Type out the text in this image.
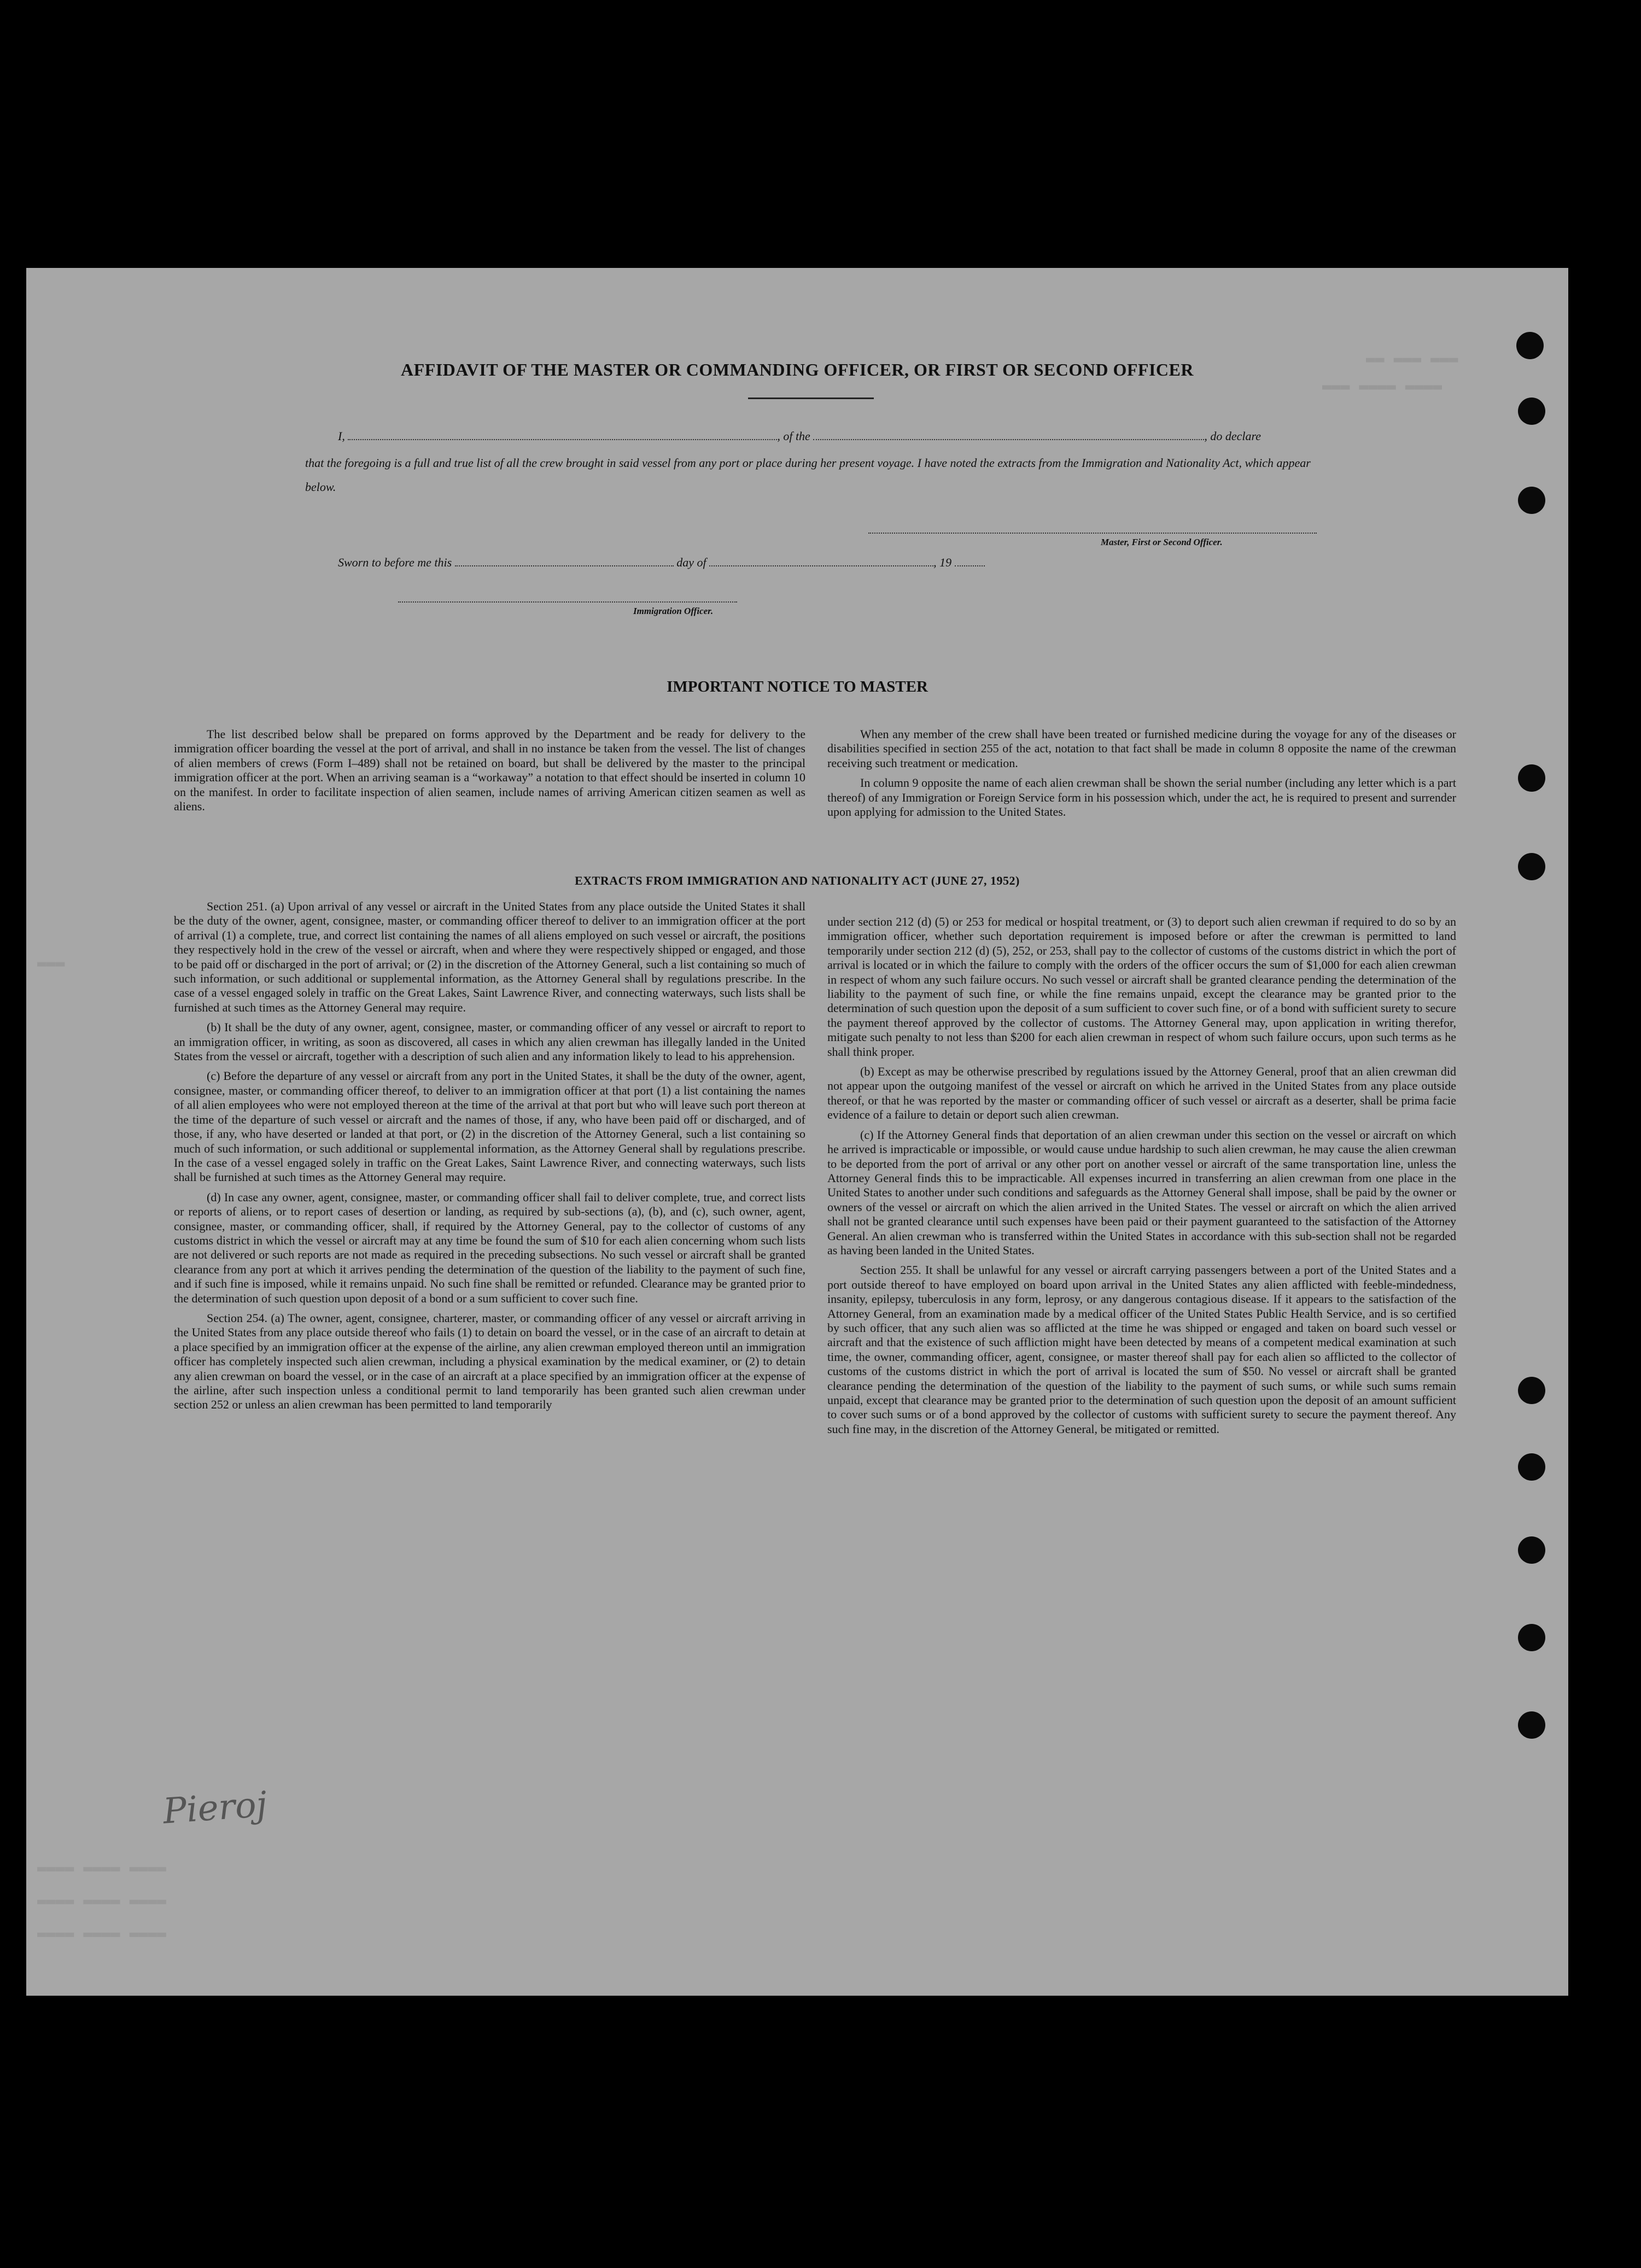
▬▬ ▬▬▬ ▬▬▬
▬▬▬ ▬▬▬▬ ▬▬▬▬
▬▬▬
▬▬▬▬ ▬▬▬▬ ▬▬▬▬
▬▬▬▬ ▬▬▬▬ ▬▬▬▬
▬▬▬▬ ▬▬▬▬ ▬▬▬▬
AFFIDAVIT OF THE MASTER OR COMMANDING OFFICER, OR FIRST OR SECOND OFFICER
I,	, of the	, do declare
that the foregoing is a full and true list of all the crew brought in said vessel from any port or place during her present voyage. I have noted the extracts from the Immigration and Nationality Act, which appear below.
Master, First or Second Officer.
Sworn to before me this	day of	, 19
Immigration Officer.
IMPORTANT NOTICE TO MASTER

The list described below shall be prepared on forms approved by the Department and be ready for delivery to the immigration officer boarding the vessel at the port of arrival, and shall in no instance be taken from the vessel. The list of changes of alien members of crews (Form I–489) shall not be retained on board, but shall be delivered by the master to the principal immigration officer at the port. When an arriving seaman is a “workaway” a notation to that effect should be inserted in column 10 on the manifest. In order to facilitate inspection of alien seamen, include names of arriving American citizen seamen as well as aliens.

When any member of the crew shall have been treated or furnished medicine during the voyage for any of the diseases or disabilities specified in section 255 of the act, notation to that fact shall be made in column 8 opposite the name of the crewman receiving such treatment or medication.

In column 9 opposite the name of each alien crewman shall be shown the serial number (including any letter which is a part thereof) of any Immigration or Foreign Service form in his possession which, under the act, he is required to present and surrender upon applying for admission to the United States.

EXTRACTS FROM IMMIGRATION AND NATIONALITY ACT (JUNE 27, 1952)

Section 251. (a) Upon arrival of any vessel or aircraft in the United States from any place outside the United States it shall be the duty of the owner, agent, consignee, master, or commanding officer thereof to deliver to an immigration officer at the port of arrival (1) a complete, true, and correct list containing the names of all aliens employed on such vessel or aircraft, the positions they respectively hold in the crew of the vessel or aircraft, when and where they were respectively shipped or engaged, and those to be paid off or discharged in the port of arrival; or (2) in the discretion of the Attorney General, such a list containing so much of such information, or such additional or supplemental information, as the Attorney General shall by regulations prescribe. In the case of a vessel engaged solely in traffic on the Great Lakes, Saint Lawrence River, and connecting waterways, such lists shall be furnished at such times as the Attorney General may require.

(b) It shall be the duty of any owner, agent, consignee, master, or commanding officer of any vessel or aircraft to report to an immigration officer, in writing, as soon as discovered, all cases in which any alien crewman has illegally landed in the United States from the vessel or aircraft, together with a description of such alien and any information likely to lead to his apprehension.

(c) Before the departure of any vessel or aircraft from any port in the United States, it shall be the duty of the owner, agent, consignee, master, or commanding officer thereof, to deliver to an immigration officer at that port (1) a list containing the names of all alien employees who were not employed thereon at the time of the arrival at that port but who will leave such port thereon at the time of the departure of such vessel or aircraft and the names of those, if any, who have been paid off or discharged, and of those, if any, who have deserted or landed at that port, or (2) in the discretion of the Attorney General, such a list containing so much of such information, or such additional or supplemental information, as the Attorney General shall by regulations prescribe. In the case of a vessel engaged solely in traffic on the Great Lakes, Saint Lawrence River, and connecting waterways, such lists shall be furnished at such times as the Attorney General may require.

(d) In case any owner, agent, consignee, master, or commanding officer shall fail to deliver complete, true, and correct lists or reports of aliens, or to report cases of desertion or landing, as required by sub-sections (a), (b), and (c), such owner, agent, consignee, master, or commanding officer, shall, if required by the Attorney General, pay to the collector of customs of any customs district in which the vessel or aircraft may at any time be found the sum of $10 for each alien concerning whom such lists are not delivered or such reports are not made as required in the preceding subsections. No such vessel or aircraft shall be granted clearance from any port at which it arrives pending the determination of the question of the liability to the payment of such fine, and if such fine is imposed, while it remains unpaid. No such fine shall be remitted or refunded. Clearance may be granted prior to the determination of such question upon deposit of a bond or a sum sufficient to cover such fine.

Section 254. (a) The owner, agent, consignee, charterer, master, or commanding officer of any vessel or aircraft arriving in the United States from any place outside thereof who fails (1) to detain on board the vessel, or in the case of an aircraft to detain at a place specified by an immigration officer at the expense of the airline, any alien crewman employed thereon until an immigration officer has completely inspected such alien crewman, including a physical examination by the medical examiner, or (2) to detain any alien crewman on board the vessel, or in the case of an aircraft at a place specified by an immigration officer at the expense of the airline, after such inspection unless a conditional permit to land temporarily has been granted such alien crewman under section 252 or unless an alien crewman has been permitted to land temporarily

under section 212 (d) (5) or 253 for medical or hospital treatment, or (3) to deport such alien crewman if required to do so by an immigration officer, whether such deportation requirement is imposed before or after the crewman is permitted to land temporarily under section 212 (d) (5), 252, or 253, shall pay to the collector of customs of the customs district in which the port of arrival is located or in which the failure to comply with the orders of the officer occurs the sum of $1,000 for each alien crewman in respect of whom any such failure occurs. No such vessel or aircraft shall be granted clearance pending the determination of the liability to the payment of such fine, or while the fine remains unpaid, except the clearance may be granted prior to the determination of such question upon the deposit of a sum sufficient to cover such fine, or of a bond with sufficient surety to secure the payment thereof approved by the collector of customs. The Attorney General may, upon application in writing therefor, mitigate such penalty to not less than $200 for each alien crewman in respect of whom such failure occurs, upon such terms as he shall think proper.

(b) Except as may be otherwise prescribed by regulations issued by the Attorney General, proof that an alien crewman did not appear upon the outgoing manifest of the vessel or aircraft on which he arrived in the United States from any place outside thereof, or that he was reported by the master or commanding officer of such vessel or aircraft as a deserter, shall be prima facie evidence of a failure to detain or deport such alien crewman.

(c) If the Attorney General finds that deportation of an alien crewman under this section on the vessel or aircraft on which he arrived is impracticable or impossible, or would cause undue hardship to such alien crewman, he may cause the alien crewman to be deported from the port of arrival or any other port on another vessel or aircraft of the same transportation line, unless the Attorney General finds this to be impracticable. All expenses incurred in transferring an alien crewman from one place in the United States to another under such conditions and safeguards as the Attorney General shall impose, shall be paid by the owner or owners of the vessel or aircraft on which the alien arrived in the United States. The vessel or aircraft on which the alien arrived shall not be granted clearance until such expenses have been paid or their payment guaranteed to the satisfaction of the Attorney General. An alien crewman who is transferred within the United States in accordance with this sub-section shall not be regarded as having been landed in the United States.

Section 255. It shall be unlawful for any vessel or aircraft carrying passengers between a port of the United States and a port outside thereof to have employed on board upon arrival in the United States any alien afflicted with feeble-mindedness, insanity, epilepsy, tuberculosis in any form, leprosy, or any dangerous contagious disease. If it appears to the satisfaction of the Attorney General, from an examination made by a medical officer of the United States Public Health Service, and is so certified by such officer, that any such alien was so afflicted at the time he was shipped or engaged and taken on board such vessel or aircraft and that the existence of such affliction might have been detected by means of a competent medical examination at such time, the owner, commanding officer, agent, consignee, or master thereof shall pay for each alien so afflicted to the collector of customs of the customs district in which the port of arrival is located the sum of $50. No vessel or aircraft shall be granted clearance pending the determination of the question of the liability to the payment of such sums, or while such sums remain unpaid, except that clearance may be granted prior to the determination of such question upon the deposit of an amount sufficient to cover such sums or of a bond approved by the collector of customs with sufficient surety to secure the payment thereof. Any such fine may, in the discretion of the Attorney General, be mitigated or remitted.

Pieroj
